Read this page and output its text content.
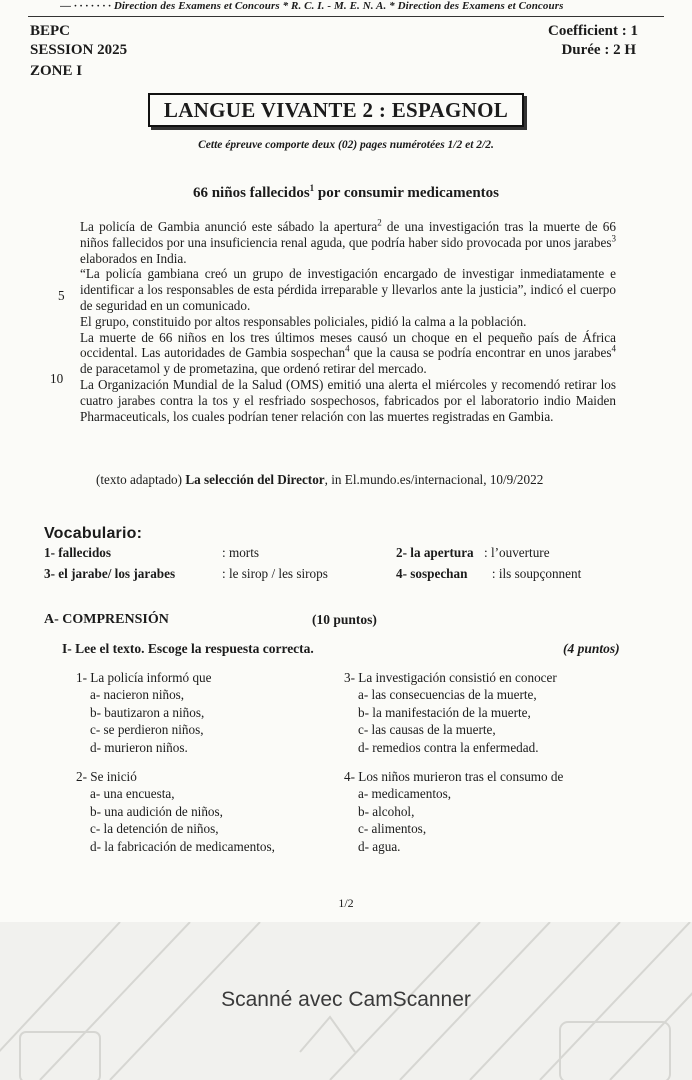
— · · · · · · · Direction des Examens et Concours * R. C. I. - M. E. N. A. * Direction des Examens et Concours
BEPC
SESSION 2025
ZONE I
Coefficient : 1
Durée : 2 H
LANGUE VIVANTE 2 : ESPAGNOL
Cette épreuve comporte deux (02) pages numérotées 1/2 et 2/2.
66 niños fallecidos$^1$ por consumir medicamentos

La policía de Gambia anunció este sábado la apertura$^2$ de una investigación tras la muerte de 66 niños fallecidos por una insuficiencia renal aguda, que podría haber sido provocada por unos jarabes$^3$ elaborados en India.

“La policía gambiana creó un grupo de investigación encargado de investigar inmediatamente e identificar a los responsables de esta pérdida irreparable y llevarlos ante la justicia”, indicó el cuerpo de seguridad en un comunicado.

El grupo, constituido por altos responsables policiales, pidió la calma a la población.

La muerte de 66 niños en los tres últimos meses causó un choque en el pequeño país de África occidental. Las autoridades de Gambia sospechan$^4$ que la causa se podría encontrar en unos jarabes$^4$ de paracetamol y de prometazina, que ordenó retirar del mercado.

La Organización Mundial de la Salud (OMS) emitió una alerta el miércoles y recomendó retirar los cuatro jarabes contra la tos y el resfriado sospechosos, fabricados por el laboratorio indio Maiden Pharmaceuticals, los cuales podrían tener relación con las muertes registradas en Gambia.

5
10
(texto adaptado) La selección del Director, in El.mundo.es/internacional, 10/9/2022
Vocabulario:
1- fallecidos	: morts	2- la apertura : l’ouverture
3- el jarabe/ los jarabes	: le sirop / les sirops	4- sospechan : ils soupçonnent
A- COMPRENSIÓN	(10 puntos)
I- Lee el texto. Escoge la respuesta correcta.	(4 puntos)
1- La policía informó que
a- nacieron niños,
b- bautizaron a niños,
c- se perdieron niños,
d- murieron niños.
2- Se inició
a- una encuesta,
b- una audición de niños,
c- la detención de niños,
d- la fabricación de medicamentos,
3- La investigación consistió en conocer
a- las consecuencias de la muerte,
b- la manifestación de la muerte,
c- las causas de la muerte,
d- remedios contra la enfermedad.
4- Los niños murieron tras el consumo de
a- medicamentos,
b- alcohol,
c- alimentos,
d- agua.
1/2
Scanné avec CamScanner
